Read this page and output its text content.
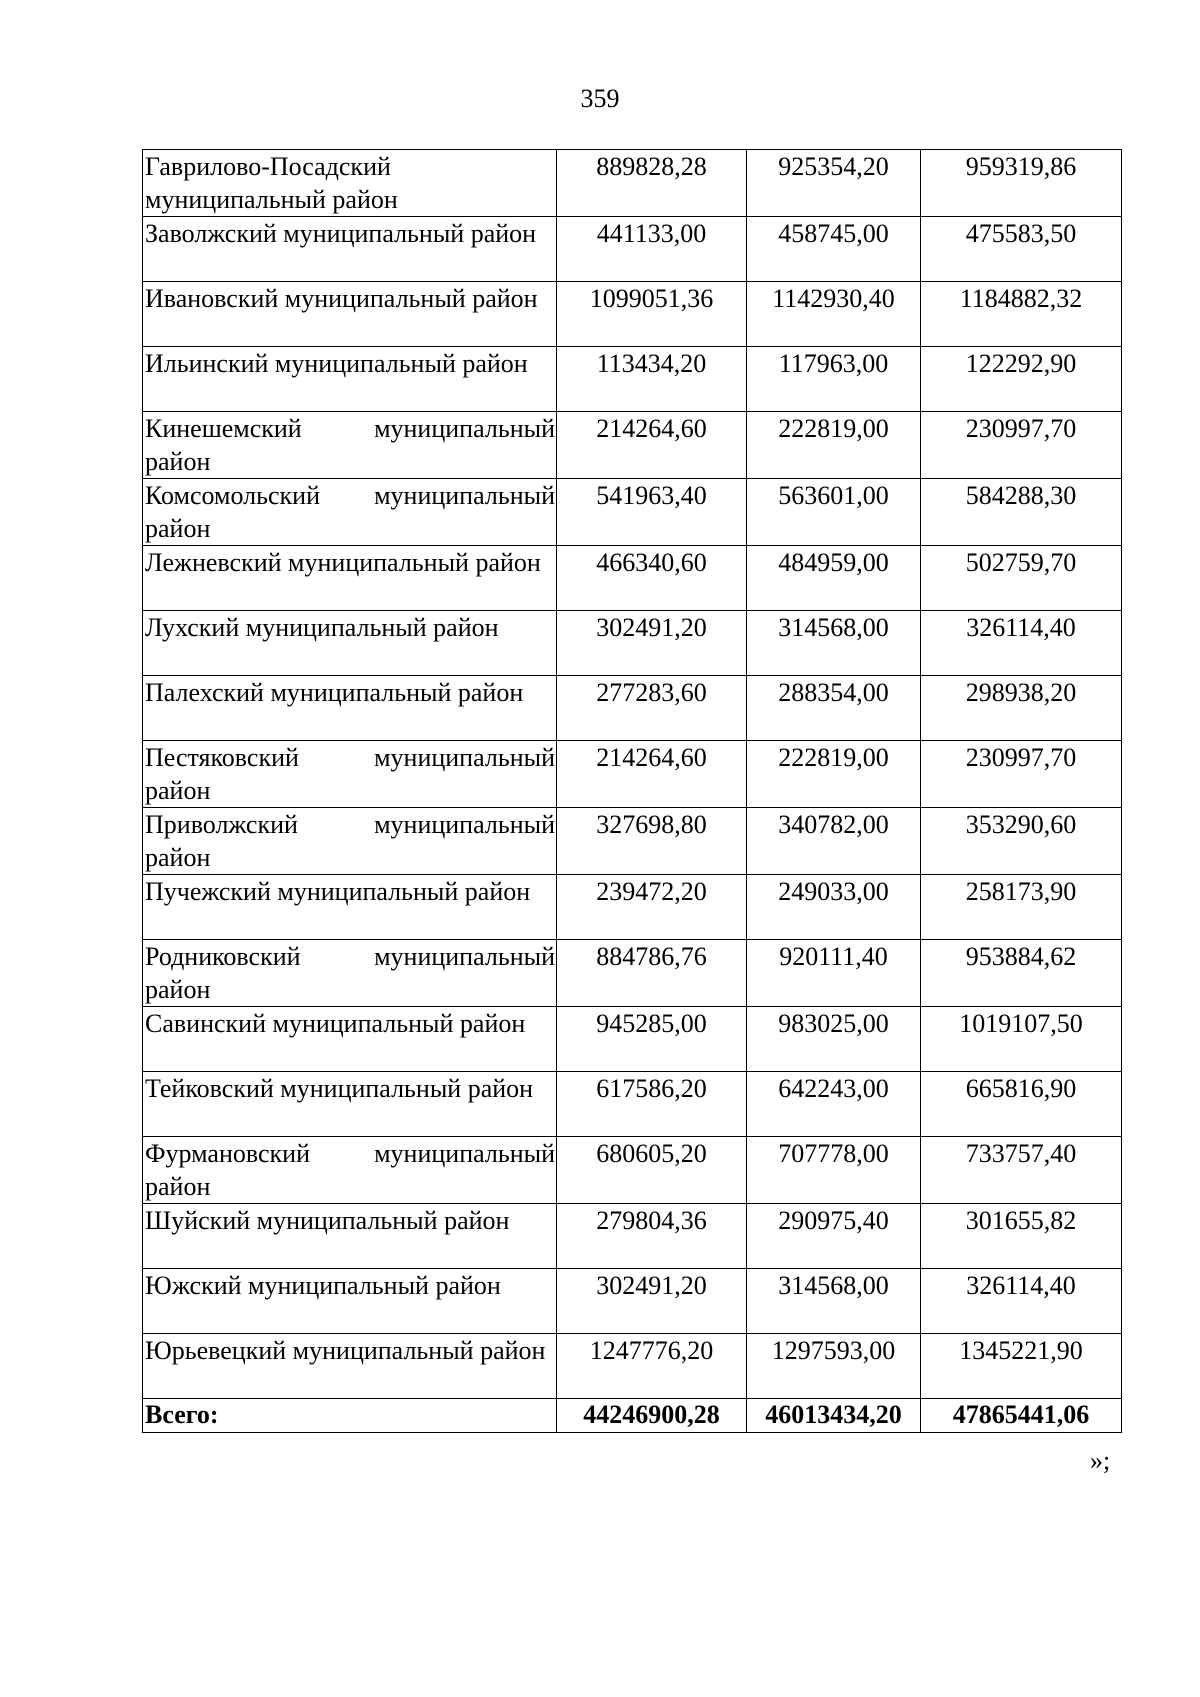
359
Гаврилово-Посадский муниципальный район	889828,28	925354,20	959319,86
Заволжский муниципальный район	441133,00	458745,00	475583,50
Ивановский муниципальный район	1099051,36	1142930,40	1184882,32
Ильинский муниципальный район	113434,20	117963,00	122292,90
Кинешемский муниципальный район	214264,60	222819,00	230997,70
Комсомольский муниципальный район	541963,40	563601,00	584288,30
Лежневский муниципальный район	466340,60	484959,00	502759,70
Лухский муниципальный район	302491,20	314568,00	326114,40
Палехский муниципальный район	277283,60	288354,00	298938,20
Пестяковский муниципальный район	214264,60	222819,00	230997,70
Приволжский муниципальный район	327698,80	340782,00	353290,60
Пучежский муниципальный район	239472,20	249033,00	258173,90
Родниковский муниципальный район	884786,76	920111,40	953884,62
Савинский муниципальный район	945285,00	983025,00	1019107,50
Тейковский муниципальный район	617586,20	642243,00	665816,90
Фурмановский муниципальный район	680605,20	707778,00	733757,40
Шуйский муниципальный район	279804,36	290975,40	301655,82
Южский муниципальный район	302491,20	314568,00	326114,40
Юрьевецкий муниципальный район	1247776,20	1297593,00	1345221,90
Всего:	44246900,28	46013434,20	47865441,06
»;
